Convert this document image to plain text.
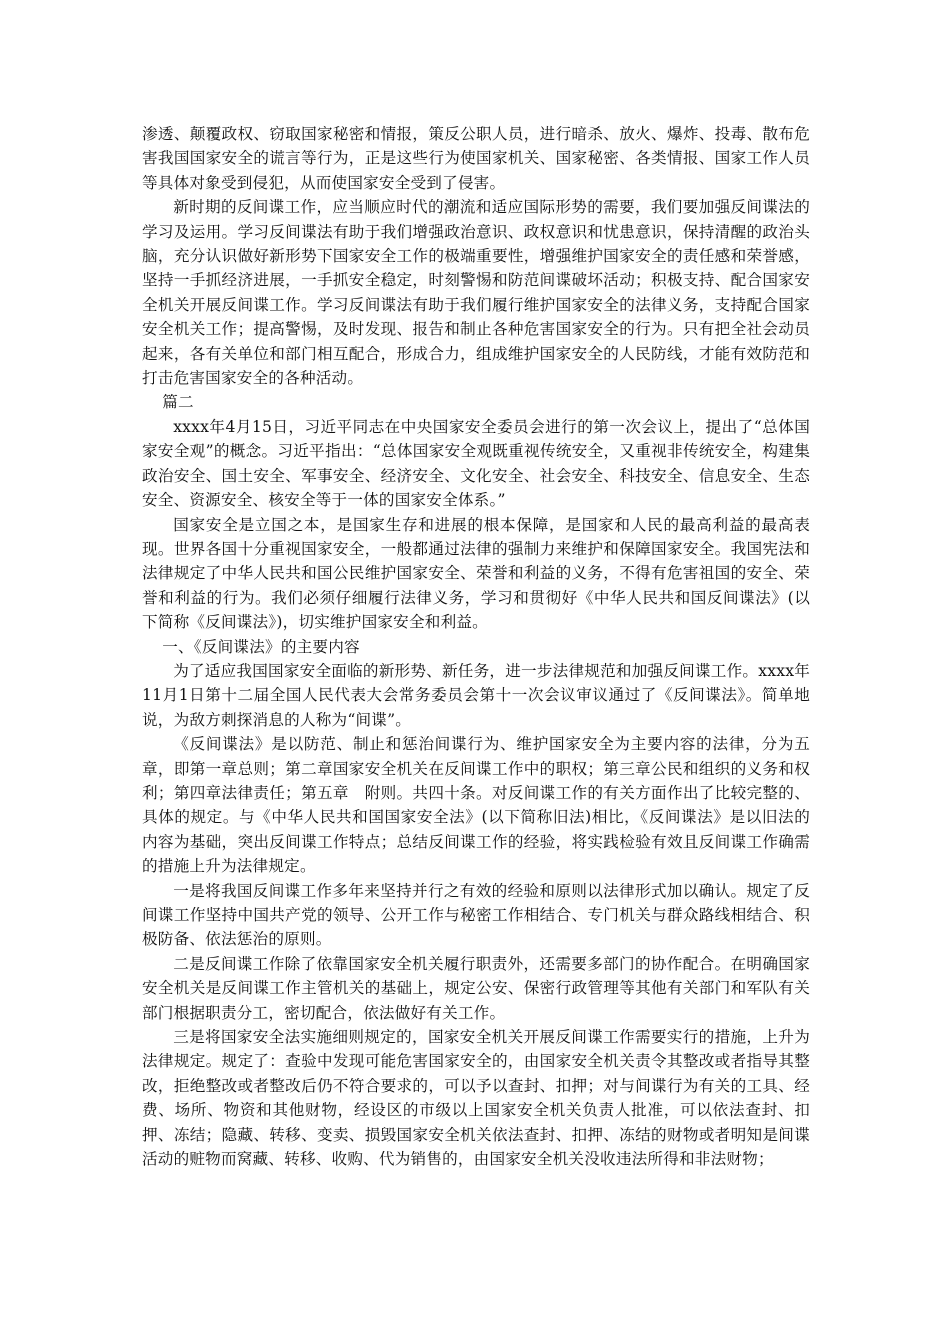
渗透、颠覆政权、窃取国家秘密和情报，策反公职人员，进行暗杀、放火、爆炸、投毒、散布危害我国国家安全的谎言等行为，正是这些行为使国家机关、国家秘密、各类情报、国家工作人员等具体对象受到侵犯，从而使国家安全受到了侵害。

新时期的反间谍工作，应当顺应时代的潮流和适应国际形势的需要，我们要加强反间谍法的学习及运用。学习反间谍法有助于我们增强政治意识、政权意识和忧患意识，保持清醒的政治头脑，充分认识做好新形势下国家安全工作的极端重要性，增强维护国家安全的责任感和荣誉感，坚持一手抓经济进展，一手抓安全稳定，时刻警惕和防范间谍破坏活动；积极支持、配合国家安全机关开展反间谍工作。学习反间谍法有助于我们履行维护国家安全的法律义务，支持配合国家安全机关工作；提高警惕，及时发现、报告和制止各种危害国家安全的行为。只有把全社会动员起来，各有关单位和部门相互配合，形成合力，组成维护国家安全的人民防线，才能有效防范和打击危害国家安全的各种活动。

篇二

xxxx年4月15日，习近平同志在中央国家安全委员会进行的第一次会议上，提出了“总体国家安全观”的概念。习近平指出：“总体国家安全观既重视传统安全，又重视非传统安全，构建集政治安全、国土安全、军事安全、经济安全、文化安全、社会安全、科技安全、信息安全、生态安全、资源安全、核安全等于一体的国家安全体系。”

国家安全是立国之本，是国家生存和进展的根本保障，是国家和人民的最高利益的最高表现。世界各国十分重视国家安全，一般都通过法律的强制力来维护和保障国家安全。我国宪法和法律规定了中华人民共和国公民维护国家安全、荣誉和利益的义务，不得有危害祖国的安全、荣誉和利益的行为。我们必须仔细履行法律义务，学习和贯彻好《中华人民共和国反间谍法》(以下简称《反间谍法》)，切实维护国家安全和利益。

一、《反间谍法》的主要内容

为了适应我国国家安全面临的新形势、新任务，进一步法律规范和加强反间谍工作。xxxx年11月1日第十二届全国人民代表大会常务委员会第十一次会议审议通过了《反间谍法》。简单地说，为敌方刺探消息的人称为“间谍”。

《反间谍法》是以防范、制止和惩治间谍行为、维护国家安全为主要内容的法律，分为五章，即第一章总则；第二章国家安全机关在反间谍工作中的职权；第三章公民和组织的义务和权利；第四章法律责任；第五章　附则。共四十条。对反间谍工作的有关方面作出了比较完整的、具体的规定。与《中华人民共和国国家安全法》(以下简称旧法)相比，《反间谍法》是以旧法的内容为基础，突出反间谍工作特点；总结反间谍工作的经验，将实践检验有效且反间谍工作确需的措施上升为法律规定。

一是将我国反间谍工作多年来坚持并行之有效的经验和原则以法律形式加以确认。规定了反间谍工作坚持中国共产党的领导、公开工作与秘密工作相结合、专门机关与群众路线相结合、积极防备、依法惩治的原则。

二是反间谍工作除了依靠国家安全机关履行职责外，还需要多部门的协作配合。在明确国家安全机关是反间谍工作主管机关的基础上，规定公安、保密行政管理等其他有关部门和军队有关部门根据职责分工，密切配合，依法做好有关工作。

三是将国家安全法实施细则规定的，国家安全机关开展反间谍工作需要实行的措施，上升为法律规定。规定了：查验中发现可能危害国家安全的，由国家安全机关责令其整改或者指导其整改，拒绝整改或者整改后仍不符合要求的，可以予以查封、扣押；对与间谍行为有关的工具、经费、场所、物资和其他财物，经设区的市级以上国家安全机关负责人批准，可以依法查封、扣押、冻结；隐藏、转移、变卖、损毁国家安全机关依法查封、扣押、冻结的财物或者明知是间谍活动的赃物而窝藏、转移、收购、代为销售的，由国家安全机关没收违法所得和非法财物；
